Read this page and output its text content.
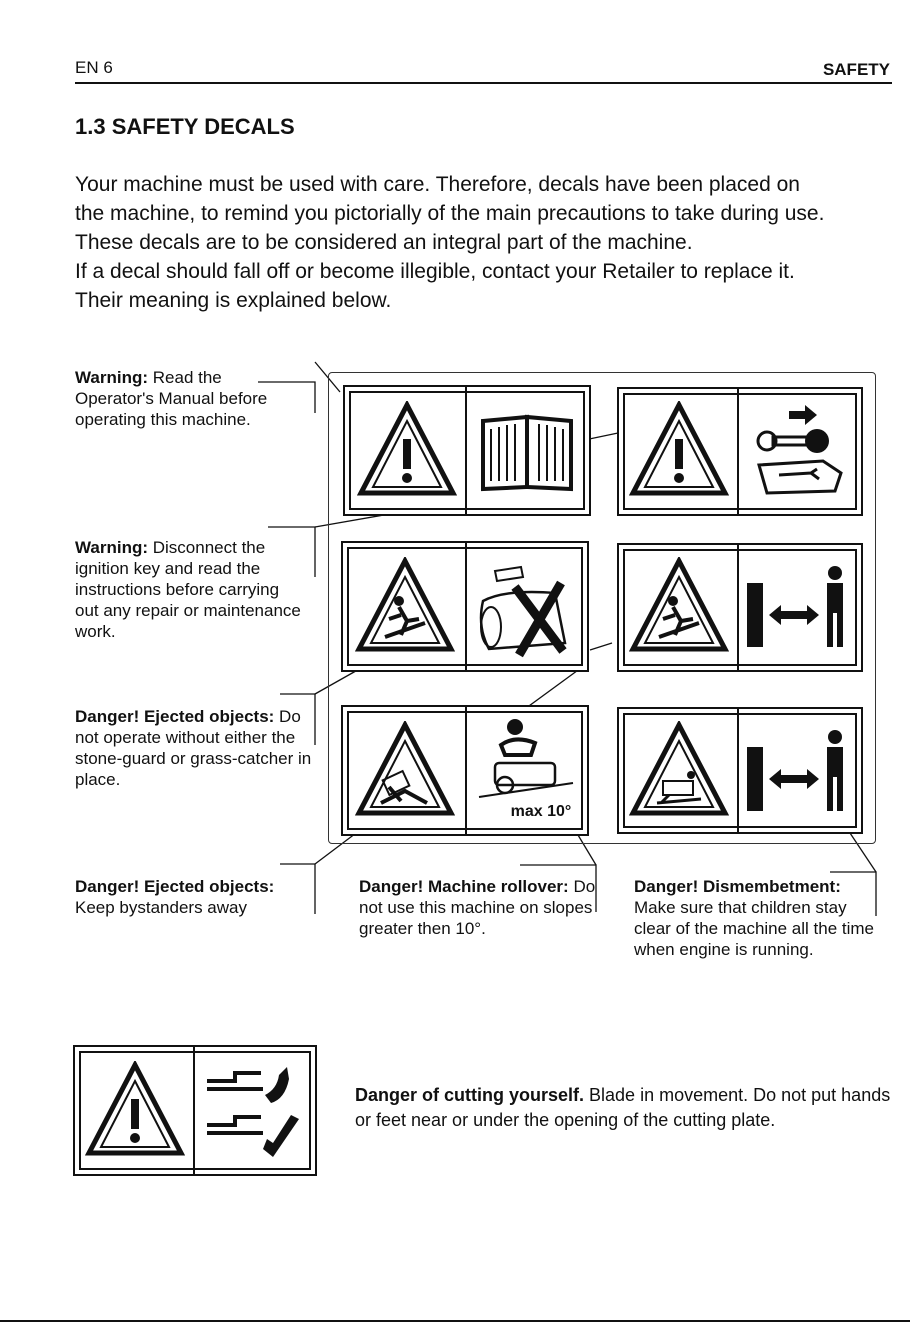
EN 6	SAFETY
1.3 SAFETY DECALS

Your machine must be used with care. Therefore, decals have been placed on

the machine, to remind you pictorially of the main precautions to take during use.

These decals are to be considered an integral part of the machine.

If a decal should fall off or become illegible, contact your Retailer to replace it.

Their meaning is explained below.

Warning: Read the Operator's Manual before operating this machine.
Warning: Disconnect the ignition key and read the instructions before carrying out any repair or maintenance work.
Danger! Ejected objects: Do not operate without either the stone-guard or grass-catcher in place.
Danger! Ejected objects: Keep bystanders away
Danger! Machine rollover: Do not use this machine on slopes greater then 10°.
Danger! Dismembetment: Make sure that children stay clear of the machine all the time when engine is running.
max 10°
Danger of cutting yourself. Blade in movement. Do not put hands or feet near or under the opening of the cutting plate.
